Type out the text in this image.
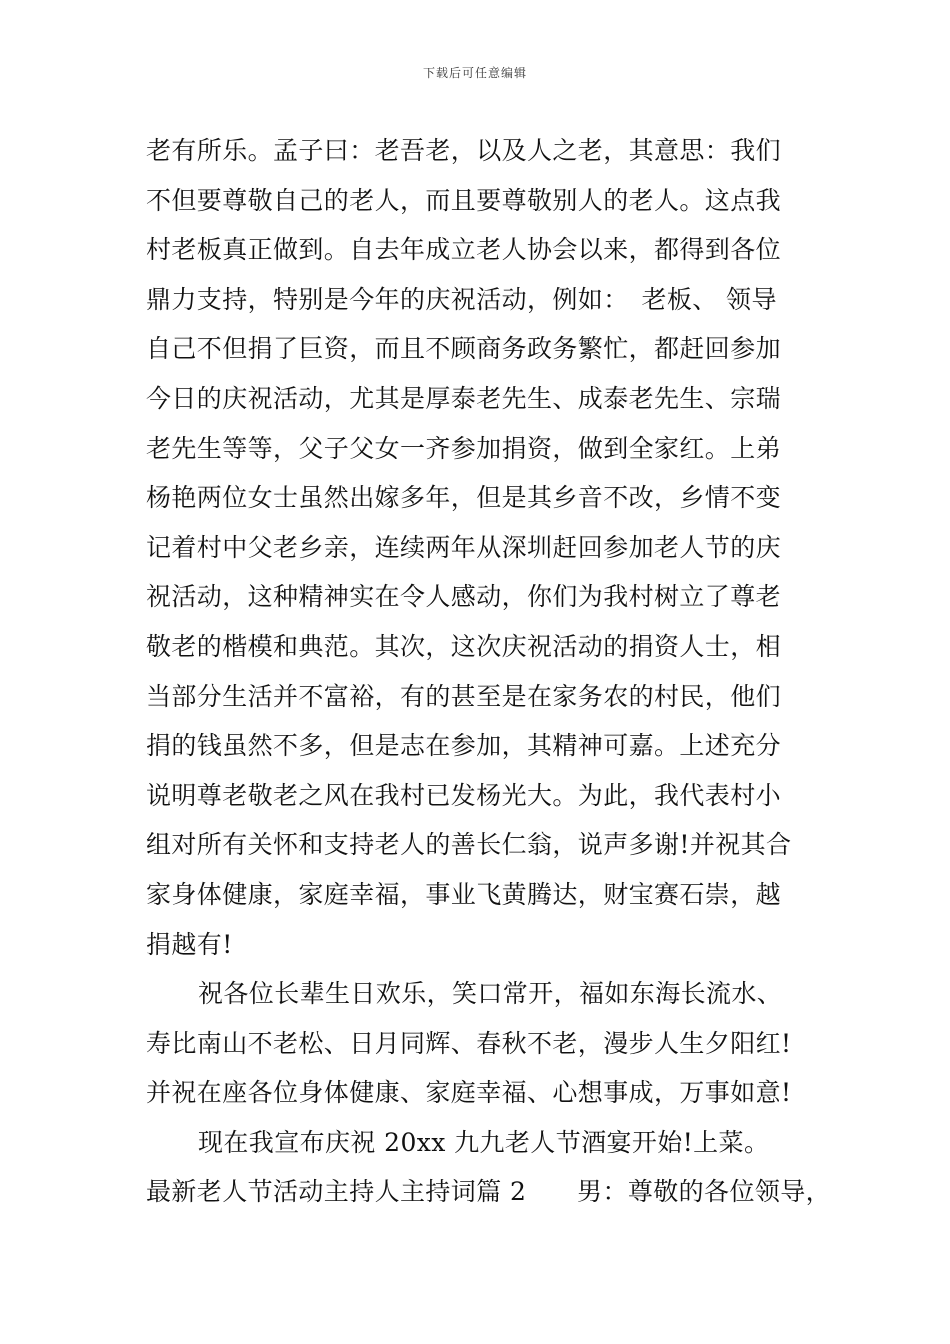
下载后可任意编辑
老有所乐。孟子曰：老吾老，以及人之老，其意思：我们
不但要尊敬自己的老人，而且要尊敬别人的老人。这点我
村老板真正做到。自去年成立老人协会以来，都得到各位
鼎力支持，特别是今年的庆祝活动，例如：　老板、 领导
自己不但捐了巨资，而且不顾商务政务繁忙，都赶回参加
今日的庆祝活动，尤其是厚泰老先生、成泰老先生、宗瑞
老先生等等，父子父女一齐参加捐资，做到全家红。上弟
杨艳两位女士虽然出嫁多年，但是其乡音不改，乡情不变
记着村中父老乡亲，连续两年从深圳赶回参加老人节的庆
祝活动，这种精神实在令人感动，你们为我村树立了尊老
敬老的楷模和典范。其次，这次庆祝活动的捐资人士，相
当部分生活并不富裕，有的甚至是在家务农的村民，他们
捐的钱虽然不多，但是志在参加，其精神可嘉。上述充分
说明尊老敬老之风在我村已发杨光大。为此，我代表村小
组对所有关怀和支持老人的善长仁翁，说声多谢!并祝其合
家身体健康，家庭幸福，事业飞黄腾达，财宝赛石崇，越
捐越有!
祝各位长辈生日欢乐，笑口常开，福如东海长流水、
寿比南山不老松、日月同辉、春秋不老，漫步人生夕阳红!
并祝在座各位身体健康、家庭幸福、心想事成，万事如意!
现在我宣布庆祝 20xx 九九老人节酒宴开始!上菜。
最新老人节活动主持人主持词篇 2　　男：尊敬的各位领导，
